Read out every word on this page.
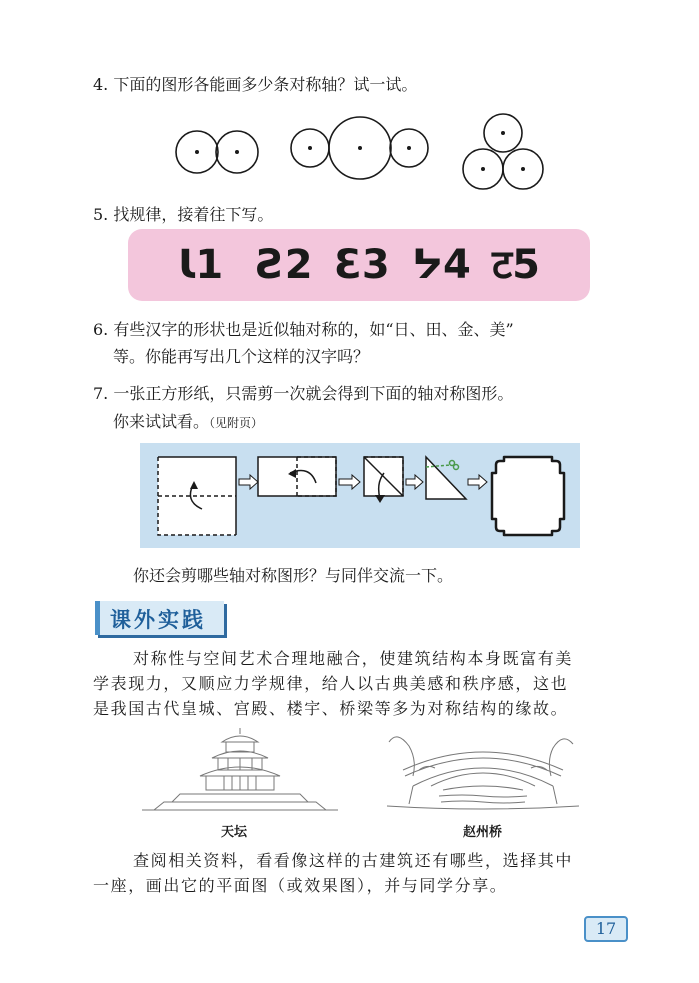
4. 下面的图形各能画多少条对称轴？试一试。
5. 找规律，接着往下写。
Ɩ1 Ƨ2 Ɛ3 ᔭ4 ट5
6. 有些汉字的形状也是近似轴对称的，如“日、田、金、美”
等。你能再写出几个这样的汉字吗？
7. 一张正方形纸，只需剪一次就会得到下面的轴对称图形。
你来试试看。（见附页）
你还会剪哪些轴对称图形？与同伴交流一下。
课外实践
对称性与空间艺术合理地融合，使建筑结构本身既富有美
学表现力，又顺应力学规律，给人以古典美感和秩序感，这也
是我国古代皇城、宫殿、楼宇、桥梁等多为对称结构的缘故。
天坛	赵州桥
查阅相关资料，看看像这样的古建筑还有哪些，选择其中
一座，画出它的平面图（或效果图），并与同学分享。
17
